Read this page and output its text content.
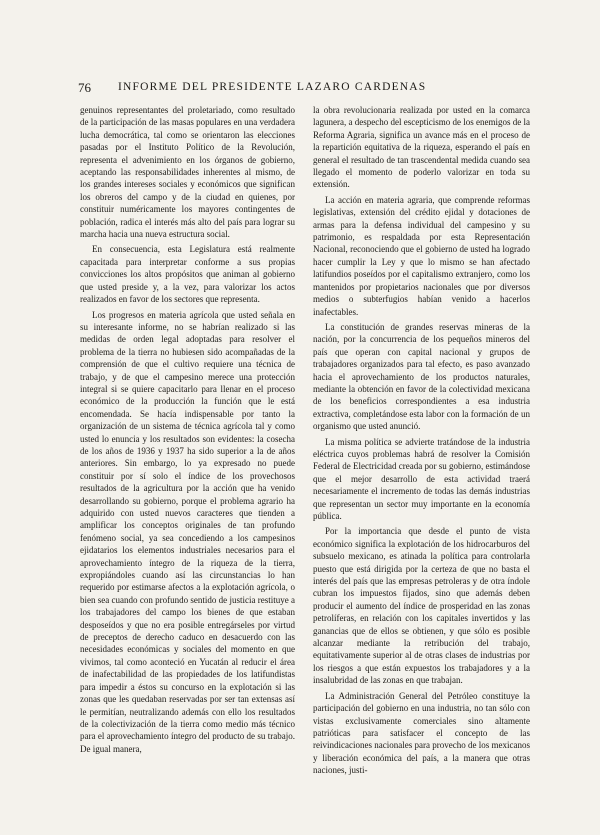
76 INFORME DEL PRESIDENTE LAZARO CARDENAS

genuinos representantes del proletariado, como resultado de la participación de las masas populares en una verdadera lucha democrática, tal como se orientaron las elecciones pasadas por el Instituto Político de la Revolución, representa el advenimiento en los órganos de gobierno, aceptando las responsabilidades inherentes al mismo, de los grandes intereses sociales y económicos que significan los obreros del campo y de la ciudad en quienes, por constituir numéricamente los mayores contingentes de población, radica el interés más alto del país para lograr su marcha hacia una nueva estructura social.

En consecuencia, esta Legislatura está realmente capacitada para interpretar conforme a sus propias convicciones los altos propósitos que animan al gobierno que usted preside y, a la vez, para valorizar los actos realizados en favor de los sectores que representa.

Los progresos en materia agrícola que usted señala en su interesante informe, no se habrían realizado si las medidas de orden legal adoptadas para resolver el problema de la tierra no hubiesen sido acompañadas de la comprensión de que el cultivo requiere una técnica de trabajo, y de que el campesino merece una protección integral si se quiere capacitarlo para llenar en el proceso económico de la producción la función que le está encomendada. Se hacía indispensable por tanto la organización de un sistema de técnica agrícola tal y como usted lo enuncia y los resultados son evidentes: la cosecha de los años de 1936 y 1937 ha sido superior a la de años anteriores. Sin embargo, lo ya expresado no puede constituir por sí solo el índice de los provechosos resultados de la agricultura por la acción que ha venido desarrollando su gobierno, porque el problema agrario ha adquirido con usted nuevos caracteres que tienden a amplificar los conceptos originales de tan profundo fenómeno social, ya sea concediendo a los campesinos ejidatarios los elementos industriales necesarios para el aprovechamiento íntegro de la riqueza de la tierra, expropiándoles cuando así las circunstancias lo han requerido por estimarse afectos a la explotación agrícola, o bien sea cuando con profundo sentido de justicia restituye a los trabajadores del campo los bienes de que estaban desposeídos y que no era posible entregárseles por virtud de preceptos de derecho caduco en desacuerdo con las necesidades económicas y sociales del momento en que vivimos, tal como aconteció en Yucatán al reducir el área de inafectabilidad de las propiedades de los latifundistas para impedir a éstos su concurso en la explotación si las zonas que les quedaban reservadas por ser tan extensas así le permitían, neutralizando además con ello los resultados de la colectivización de la tierra como medio más técnico para el aprovechamiento íntegro del producto de su trabajo. De igual manera,

la obra revolucionaria realizada por usted en la comarca lagunera, a despecho del escepticismo de los enemigos de la Reforma Agraria, significa un avance más en el proceso de la repartición equitativa de la riqueza, esperando el país en general el resultado de tan trascendental medida cuando sea llegado el momento de poderlo valorizar en toda su extensión.

La acción en materia agraria, que comprende reformas legislativas, extensión del crédito ejidal y dotaciones de armas para la defensa individual del campesino y su patrimonio, es respaldada por esta Representación Nacional, reconociendo que el gobierno de usted ha logrado hacer cumplir la Ley y que lo mismo se han afectado latifundios poseídos por el capitalismo extranjero, como los mantenidos por propietarios nacionales que por diversos medios o subterfugios habían venido a hacerlos inafectables.

La constitución de grandes reservas mineras de la nación, por la concurrencia de los pequeños mineros del país que operan con capital nacional y grupos de trabajadores organizados para tal efecto, es paso avanzado hacia el aprovechamiento de los productos naturales, mediante la obtención en favor de la colectividad mexicana de los beneficios correspondientes a esa industria extractiva, completándose esta labor con la formación de un organismo que usted anunció.

La misma política se advierte tratándose de la industria eléctrica cuyos problemas habrá de resolver la Comisión Federal de Electricidad creada por su gobierno, estimándose que el mejor desarrollo de esta actividad traerá necesariamente el incremento de todas las demás industrias que representan un sector muy importante en la economía pública.

Por la importancia que desde el punto de vista económico significa la explotación de los hidrocarburos del subsuelo mexicano, es atinada la política para controlarla puesto que está dirigida por la certeza de que no basta el interés del país que las empresas petroleras y de otra índole cubran los impuestos fijados, sino que además deben producir el aumento del índice de prosperidad en las zonas petrolíferas, en relación con los capitales invertidos y las ganancias que de ellos se obtienen, y que sólo es posible alcanzar mediante la retribución del trabajo, equitativamente superior al de otras clases de industrias por los riesgos a que están expuestos los trabajadores y a la insalubridad de las zonas en que trabajan.

La Administración General del Petróleo constituye la participación del gobierno en una industria, no tan sólo con vistas exclusivamente comerciales sino altamente patrióticas para satisfacer el concepto de las reivindicaciones nacionales para provecho de los mexicanos y liberación económica del país, a la manera que otras naciones, justi-
